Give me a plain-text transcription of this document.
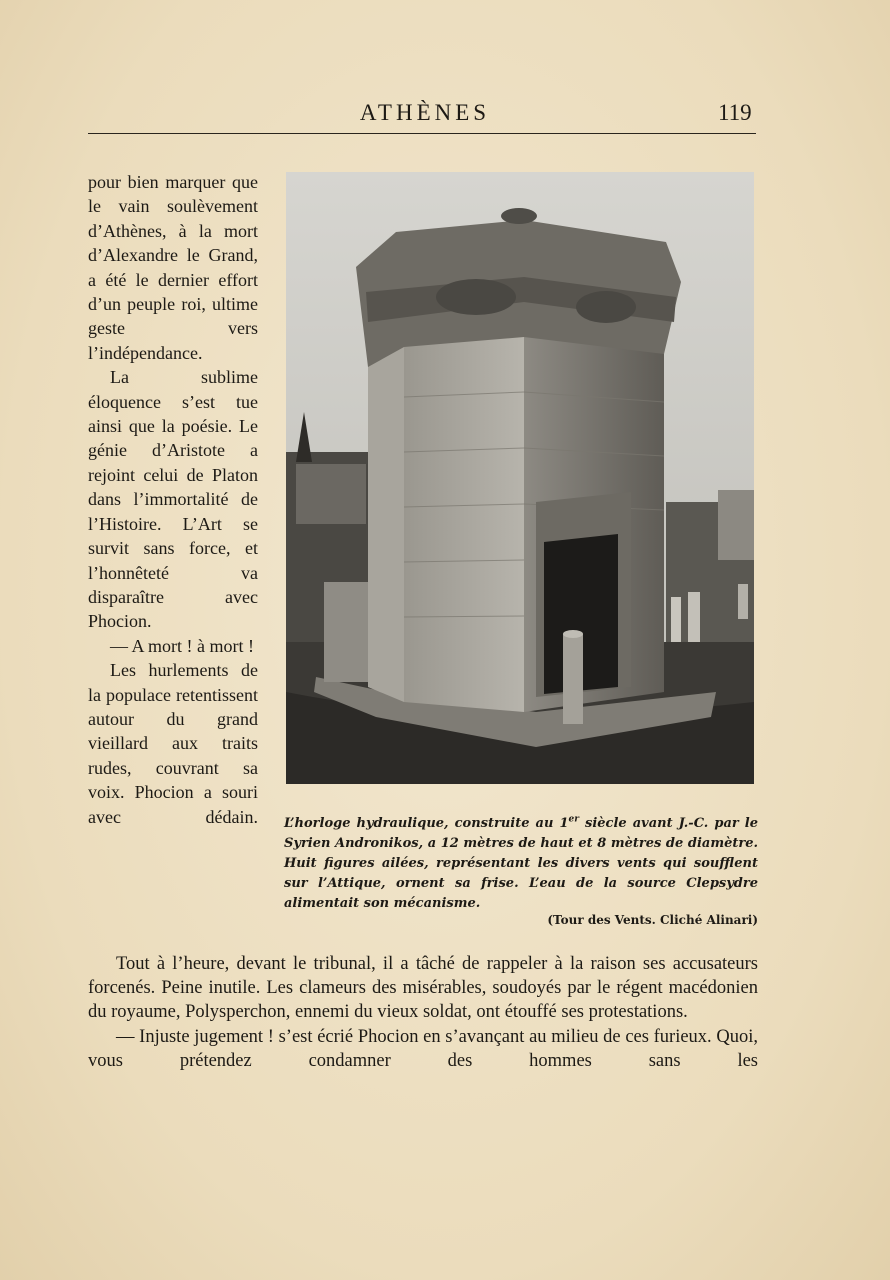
ATHÈNES	119

pour bien marquer que le vain soulèvement d’Athènes, à la mort d’Alexandre le Grand, a été le dernier effort d’un peuple roi, ultime geste vers l’indépendance.

La sublime éloquence s’est tue ainsi que la poésie. Le génie d’Aristote a rejoint celui de Platon dans l’immortalité de l’Histoire. L’Art se survit sans force, et l’honnêteté va disparaître avec Phocion.

— A mort ! à mort !

Les hurlements de la populace retentissent autour du grand vieillard aux traits rudes, couvrant sa voix. Phocion a souri avec dédain. L’horloge hydraulique, construite au 1er siècle avant J.-C. par le Syrien Andronikos, a 12 mètres de haut et 8 mètres de diamètre. Huit figures ailées, représentant les divers vents qui soufflent sur l’Attique, ornent sa frise. L’eau de la source Clepsydre alimentait son mécanisme.
(Tour des Vents. Cliché Alinari)

Tout à l’heure, devant le tribunal, il a tâché de rappeler à la raison ses accusateurs forcenés. Peine inutile. Les clameurs des misérables, soudoyés par le régent macédonien du royaume, Polysperchon, ennemi du vieux soldat, ont étouffé ses protestations.

— Injuste jugement ! s’est écrié Phocion en s’avançant au milieu de ces furieux. Quoi, vous prétendez condamner des hommes sans les
